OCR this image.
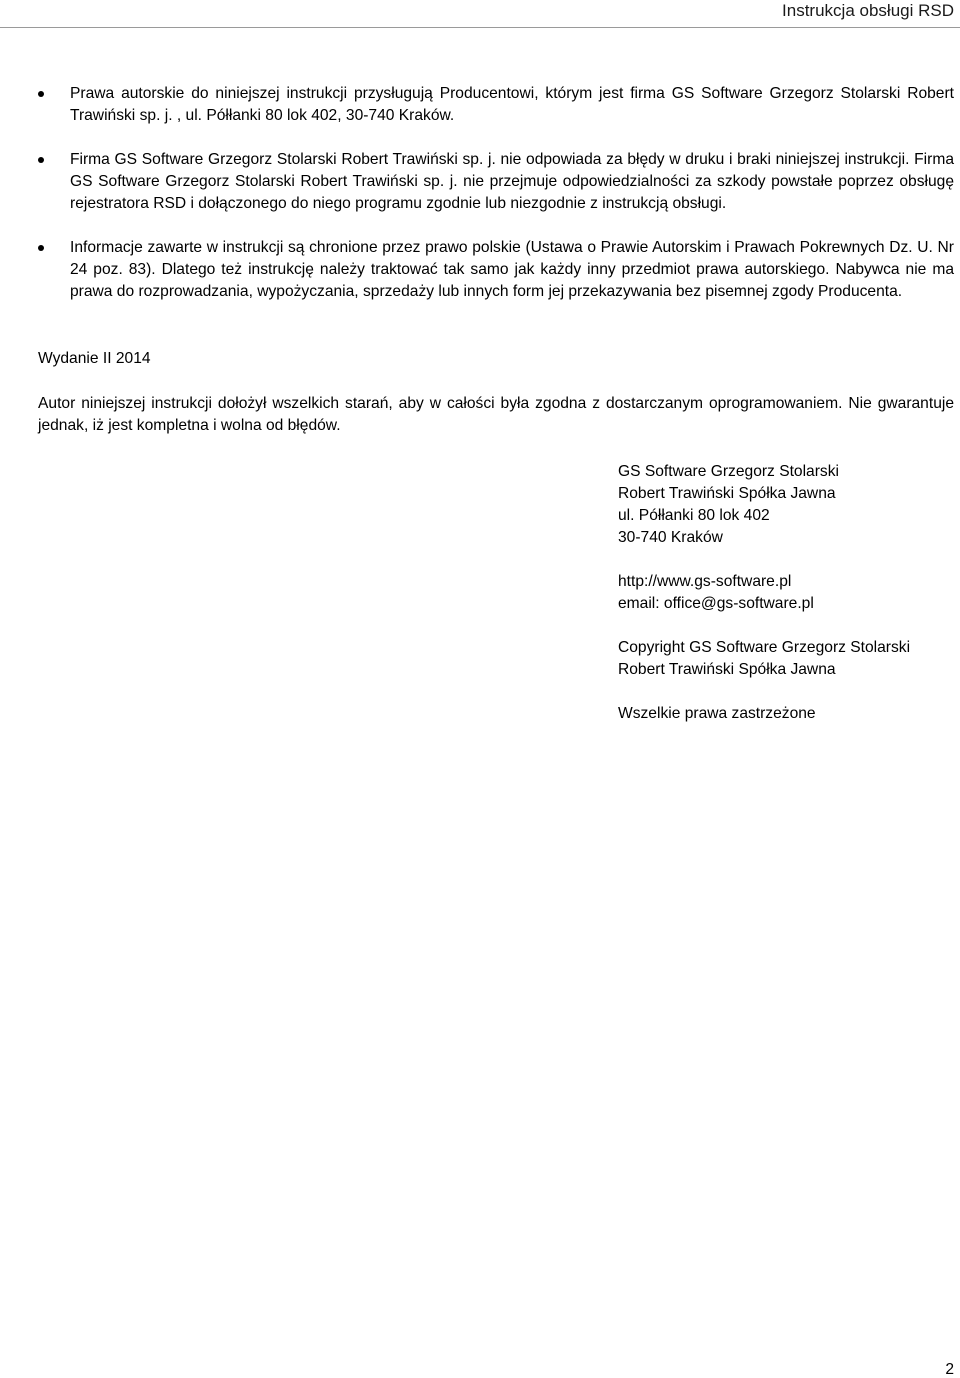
Instrukcja obsługi RSD

Prawa autorskie do niniejszej instrukcji przysługują Producentowi, którym jest firma GS Software Grzegorz Stolarski Robert Trawiński sp. j. , ul. Półłanki 80 lok 402, 30-740 Kraków.

Firma GS Software Grzegorz Stolarski Robert Trawiński sp. j. nie odpowiada za błędy w druku i braki niniejszej instrukcji. Firma GS Software Grzegorz Stolarski Robert Trawiński sp. j. nie przejmuje odpowiedzialności za szkody powstałe poprzez obsługę rejestratora RSD i dołączonego do niego programu zgodnie lub niezgodnie z instrukcją obsługi.

Informacje zawarte w instrukcji są chronione przez prawo polskie (Ustawa o Prawie Autorskim i Prawach Pokrewnych Dz. U. Nr 24 poz. 83). Dlatego też instrukcję należy traktować tak samo jak każdy inny przedmiot prawa autorskiego. Nabywca nie ma prawa do rozprowadzania, wypożyczania, sprzedaży lub innych form jej przekazywania bez pisemnej zgody Producenta.

Wydanie II 2014

Autor niniejszej instrukcji dołożył wszelkich starań, aby w całości była zgodna z dostarczanym oprogramowaniem. Nie gwarantuje jednak, iż jest kompletna i wolna od błędów.

GS Software Grzegorz Stolarski
Robert Trawiński Spółka Jawna
ul. Półłanki 80 lok 402
30-740 Kraków
http://www.gs-software.pl
email: office@gs-software.pl
Copyright GS Software Grzegorz Stolarski
Robert Trawiński Spółka Jawna
Wszelkie prawa zastrzeżone
2
